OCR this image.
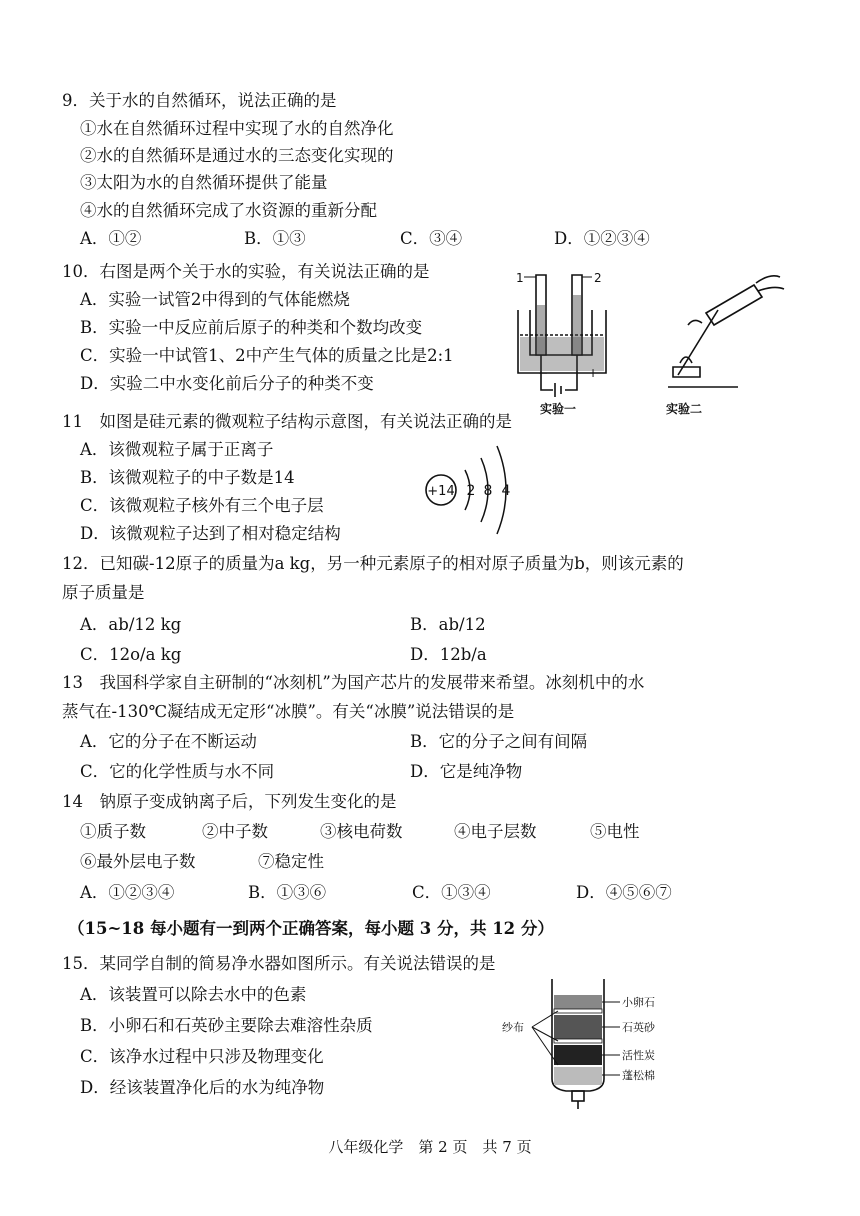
9．关于水的自然循环，说法正确的是
①水在自然循环过程中实现了水的自然净化
②水的自然循环是通过水的三态变化实现的
③太阳为水的自然循环提供了能量
④水的自然循环完成了水资源的重新分配
A．①②	B．①③	C．③④	D．①②③④
10．右图是两个关于水的实验，有关说法正确的是
A．实验一试管2中得到的气体能燃烧
B．实验一中反应前后原子的种类和个数均改变
C．实验一中试管1、2中产生气体的质量之比是2:1
D．实验二中水变化前后分子的种类不变
1	2
−	+
实验一	实验二
11　如图是硅元素的微观粒子结构示意图，有关说法正确的是
A．该微观粒子属于正离子
B．该微观粒子的中子数是14
C．该微观粒子核外有三个电子层
D．该微观粒子达到了相对稳定结构
+14 2 8 4
12．已知碳-12原子的质量为a kg，另一种元素原子的相对原子质量为b，则该元素的
原子质量是
A．ab/12 kg	B．ab/12
C．12o/a kg	D．12b/a
13　我国科学家自主研制的“冰刻机”为国产芯片的发展带来希望。冰刻机中的水
蒸气在-130℃凝结成无定形“冰膜”。有关“冰膜”说法错误的是
A．它的分子在不断运动	B．它的分子之间有间隔
C．它的化学性质与水不同	D．它是纯净物
14　钠原子变成钠离子后，下列发生变化的是
①质子数	②中子数	③核电荷数	④电子层数	⑤电性
⑥最外层电子数	⑦稳定性
A．①②③④	B．①③⑥	C．①③④	D．④⑤⑥⑦
（15~18 每小题有一到两个正确答案，每小题 3 分，共 12 分）
15．某同学自制的简易净水器如图所示。有关说法错误的是
A．该装置可以除去水中的色素
B．小卵石和石英砂主要除去难溶性杂质
C．该净水过程中只涉及物理变化
D．经该装置净化后的水为纯净物
纱布
小卵石
石英砂
活性炭
蓬松棉
八年级化学　第 2 页　共 7 页
